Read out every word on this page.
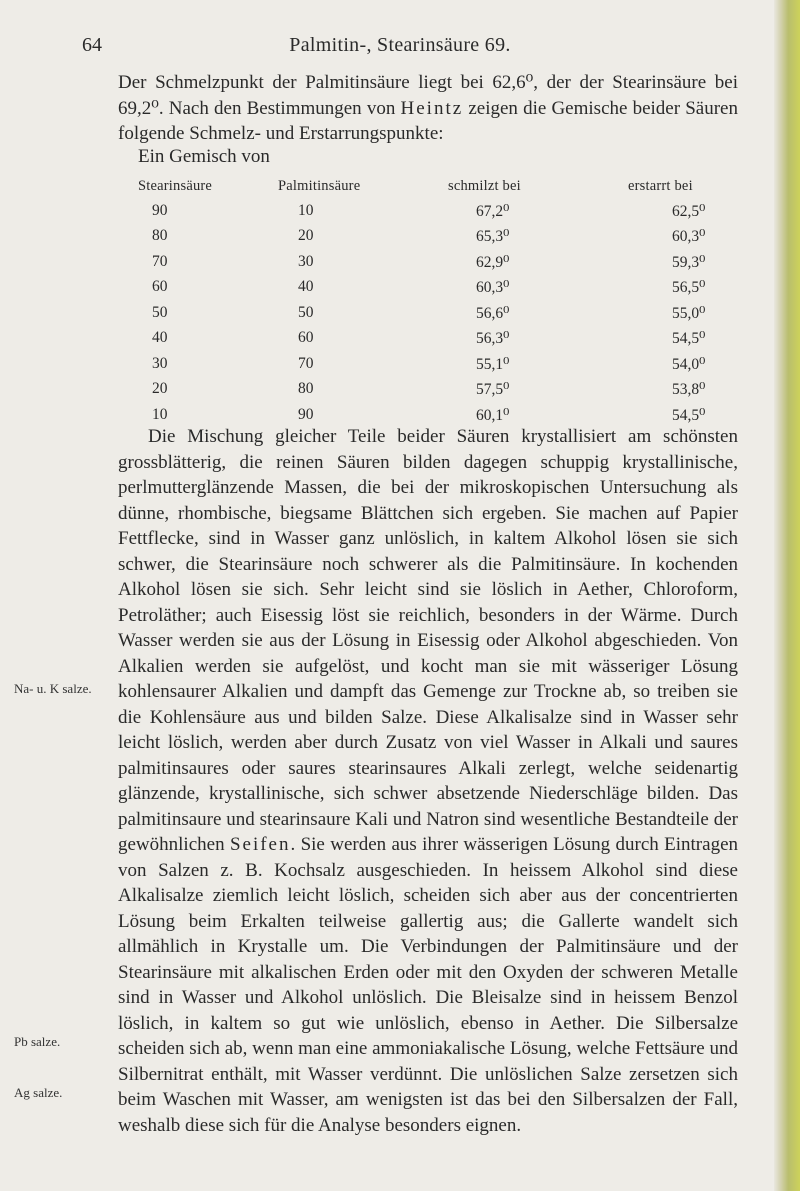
64	Palmitin-, Stearinsäure 69.

Der Schmelzpunkt der Palmitinsäure liegt bei 62,6⁰, der der Stearinsäure bei 69,2⁰. Nach den Bestimmungen von Heintz zeigen die Gemische beider Säuren folgende Schmelz- und Erstarrungspunkte:

Ein Gemisch von
Stearinsäure	Palmitinsäure	schmilzt bei	erstarrt bei
90	10	67,2⁰	62,5⁰
80	20	65,3⁰	60,3⁰
70	30	62,9⁰	59,3⁰
60	40	60,3⁰	56,5⁰
50	50	56,6⁰	55,0⁰
40	60	56,3⁰	54,5⁰
30	70	55,1⁰	54,0⁰
20	80	57,5⁰	53,8⁰
10	90	60,1⁰	54,5⁰

Die Mischung gleicher Teile beider Säuren krystallisiert am schönsten grossblätterig, die reinen Säuren bilden dagegen schuppig krystallinische, perlmutterglänzende Massen, die bei der mikroskopischen Untersuchung als dünne, rhombische, biegsame Blättchen sich ergeben. Sie machen auf Papier Fettflecke, sind in Wasser ganz unlöslich, in kaltem Alkohol lösen sie sich schwer, die Stearinsäure noch schwerer als die Palmitinsäure. In kochenden Alkohol lösen sie sich. Sehr leicht sind sie löslich in Aether, Chloroform, Petroläther; auch Eisessig löst sie reichlich, besonders in der Wärme. Durch Wasser werden sie aus der Lösung in Eisessig oder Alkohol abgeschieden. Von Alkalien werden sie aufgelöst, und kocht man sie mit wässeriger Lösung kohlensaurer Alkalien und dampft das Gemenge zur Trockne ab, so treiben sie die Kohlensäure aus und bilden Salze. Diese Alkalisalze sind in Wasser sehr leicht löslich, werden aber durch Zusatz von viel Wasser in Alkali und saures palmitinsaures oder saures stearinsaures Alkali zerlegt, welche seidenartig glänzende, krystallinische, sich schwer absetzende Niederschläge bilden. Das palmitinsaure und stearinsaure Kali und Natron sind wesentliche Bestandteile der gewöhnlichen Seifen. Sie werden aus ihrer wässerigen Lösung durch Eintragen von Salzen z. B. Kochsalz ausgeschieden. In heissem Alkohol sind diese Alkalisalze ziemlich leicht löslich, scheiden sich aber aus der concentrierten Lösung beim Erkalten teilweise gallertig aus; die Gallerte wandelt sich allmählich in Krystalle um. Die Verbindungen der Palmitinsäure und der Stearinsäure mit alkalischen Erden oder mit den Oxyden der schweren Metalle sind in Wasser und Alkohol unlöslich. Die Bleisalze sind in heissem Benzol löslich, in kaltem so gut wie unlöslich, ebenso in Aether. Die Silbersalze scheiden sich ab, wenn man eine ammoniakalische Lösung, welche Fettsäure und Silbernitrat enthält, mit Wasser verdünnt. Die unlöslichen Salze zersetzen sich beim Waschen mit Wasser, am wenigsten ist das bei den Silbersalzen der Fall, weshalb diese sich für die Analyse besonders eignen.

Na- u. K salze.
Pb salze.
Ag salze.
